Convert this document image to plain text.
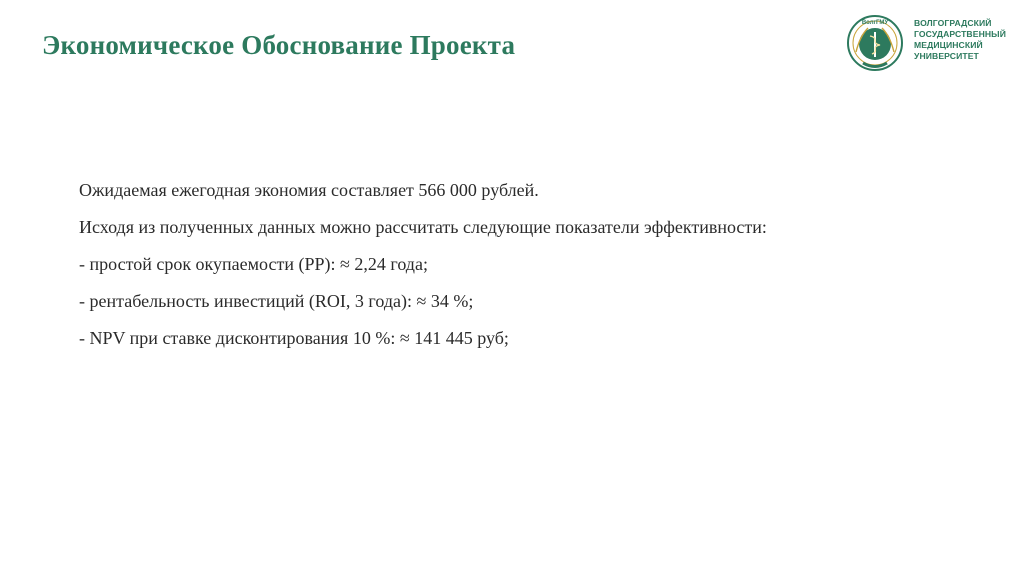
Экономическое Обоснование Проекта
ВолгГМУ	ВОЛГОГРАДСКИЙ
ГОСУДАРСТВЕННЫЙ
МЕДИЦИНСКИЙ
УНИВЕРСИТЕТ

Ожидаемая ежегодная экономия составляет 566 000 рублей.

Исходя из полученных данных можно рассчитать следующие показатели эффективности:

- простой срок окупаемости (PP): ≈ 2,24 года;

- рентабельность инвестиций (ROI, 3 года): ≈ 34 %;

- NPV при ставке дисконтирования 10 %: ≈ 141 445 руб;
